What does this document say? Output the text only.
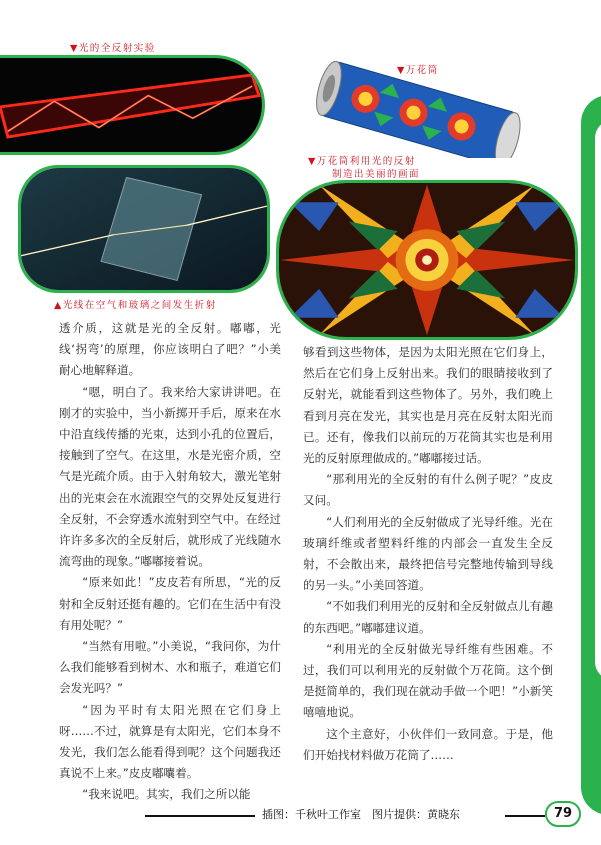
▼光的全反射实验
▲光线在空气和玻璃之间发生折射
▼万花筒
▼万花筒利用光的反射
制造出美丽的画面

透介质，这就是光的全反射。嘟嘟，光线‘拐弯’的原理，你应该明白了吧？”小美耐心地解释道。

“嗯，明白了。我来给大家讲讲吧。在刚才的实验中，当小新掷开手后，原来在水中沿直线传播的光束，达到小孔的位置后，接触到了空气。在这里，水是光密介质，空气是光疏介质。由于入射角较大，激光笔射出的光束会在水流跟空气的交界处反复进行全反射，不会穿透水流射到空气中。在经过许许多多次的全反射后，就形成了光线随水流弯曲的现象。”嘟嘟接着说。

“原来如此！”皮皮若有所思，“光的反射和全反射还挺有趣的。它们在生活中有没有用处呢？”

“当然有用啦。”小美说，“我问你，为什么我们能够看到树木、水和瓶子，难道它们会发光吗？”

“因为平时有太阳光照在它们身上呀……不过，就算是有太阳光，它们本身不发光，我们怎么能看得到呢？这个问题我还真说不上来。”皮皮嘟囔着。

“我来说吧。其实，我们之所以能

够看到这些物体，是因为太阳光照在它们身上，然后在它们身上反射出来。我们的眼睛接收到了反射光，就能看到这些物体了。另外，我们晚上看到月亮在发光，其实也是月亮在反射太阳光而已。还有，像我们以前玩的万花筒其实也是利用光的反射原理做成的。”嘟嘟接过话。

“那利用光的全反射的有什么例子呢？”皮皮又问。

“人们利用光的全反射做成了光导纤维。光在玻璃纤维或者塑料纤维的内部会一直发生全反射，不会散出来，最终把信号完整地传输到导线的另一头。”小美回答道。

“不如我们利用光的反射和全反射做点儿有趣的东西吧。”嘟嘟建议道。

“利用光的全反射做光导纤维有些困难。不过，我们可以利用光的反射做个万花筒。这个倒是挺简单的，我们现在就动手做一个吧！”小新笑嘻嘻地说。

这个主意好，小伙伴们一致同意。于是，他们开始找材料做万花筒了……

插图：千秋叶工作室　图片提供：黄晓东	79
